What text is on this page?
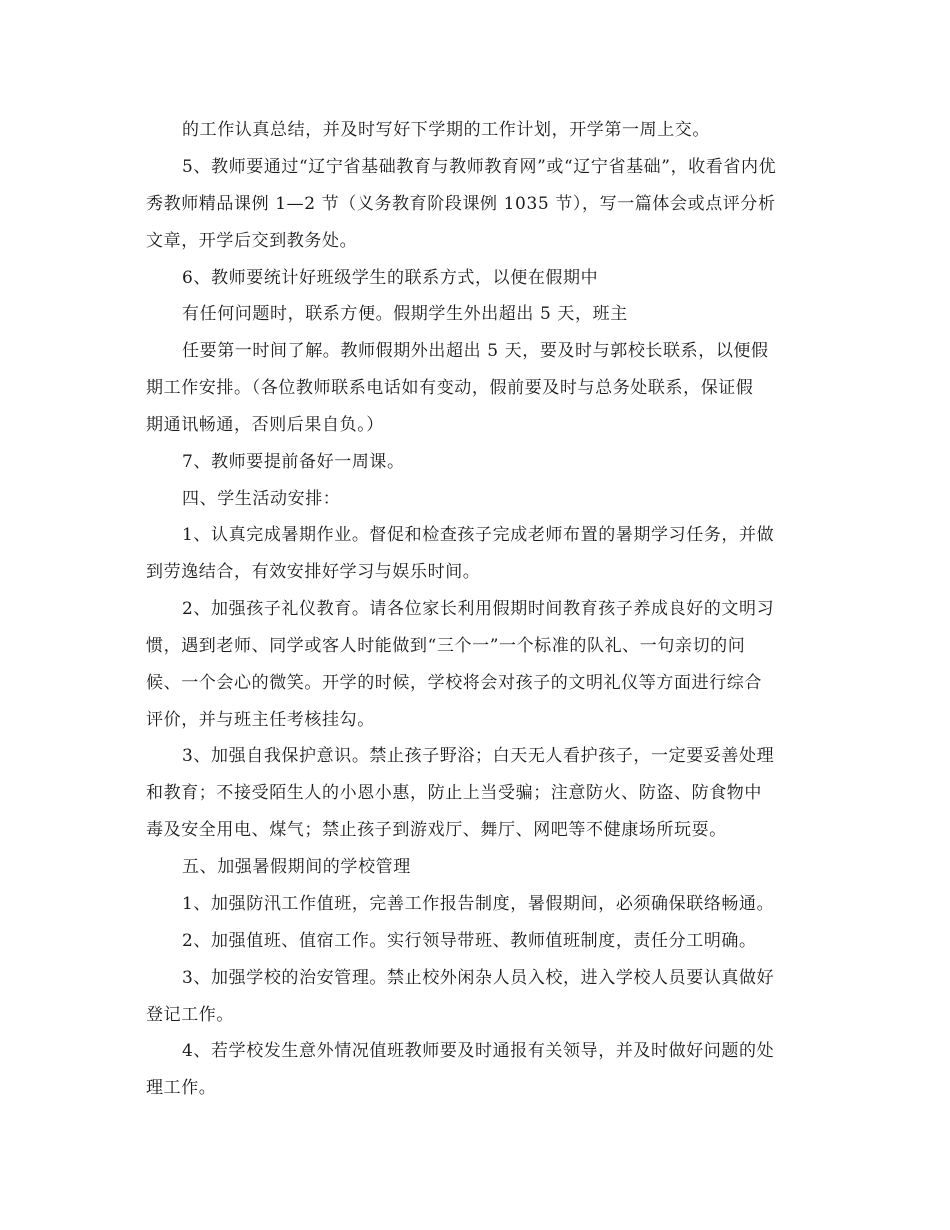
的工作认真总结，并及时写好下学期的工作计划，开学第一周上交。
5、教师要通过“辽宁省基础教育与教师教育网”或“辽宁省基础”，收看省内优
秀教师精品课例 1—2 节（义务教育阶段课例 1035 节），写一篇体会或点评分析
文章，开学后交到教务处。
6、教师要统计好班级学生的联系方式，以便在假期中
有任何问题时，联系方便。假期学生外出超出 5 天，班主
任要第一时间了解。教师假期外出超出 5 天，要及时与郭校长联系，以便假
期工作安排。（各位教师联系电话如有变动，假前要及时与总务处联系，保证假
期通讯畅通，否则后果自负。）
7、教师要提前备好一周课。
四、学生活动安排：
1、认真完成暑期作业。督促和检查孩子完成老师布置的暑期学习任务，并做
到劳逸结合，有效安排好学习与娱乐时间。
2、加强孩子礼仪教育。请各位家长利用假期时间教育孩子养成良好的文明习
惯，遇到老师、同学或客人时能做到“三个一”一个标准的队礼、一句亲切的问
候、一个会心的微笑。开学的时候，学校将会对孩子的文明礼仪等方面进行综合
评价，并与班主任考核挂勾。
3、加强自我保护意识。禁止孩子野浴；白天无人看护孩子，一定要妥善处理
和教育；不接受陌生人的小恩小惠，防止上当受骗；注意防火、防盗、防食物中
毒及安全用电、煤气；禁止孩子到游戏厅、舞厅、网吧等不健康场所玩耍。
五、加强暑假期间的学校管理
1、加强防汛工作值班，完善工作报告制度，暑假期间，必须确保联络畅通。
2、加强值班、值宿工作。实行领导带班、教师值班制度，责任分工明确。
3、加强学校的治安管理。禁止校外闲杂人员入校，进入学校人员要认真做好
登记工作。
4、若学校发生意外情况值班教师要及时通报有关领导，并及时做好问题的处
理工作。
